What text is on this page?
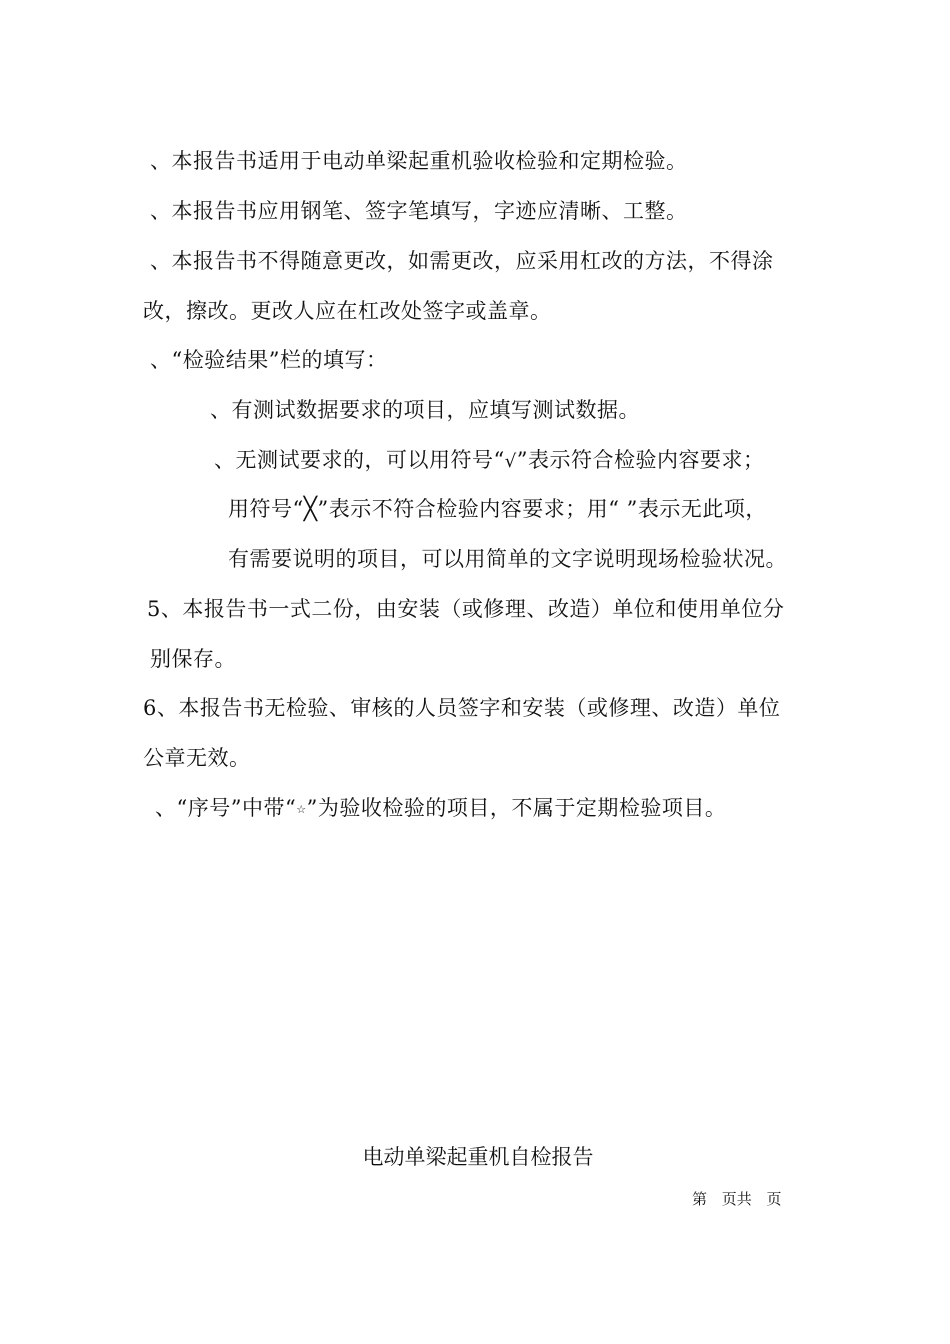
、本报告书适用于电动单梁起重机验收检验和定期检验。
、本报告书应用钢笔、签字笔填写，字迹应清晰、工整。
、本报告书不得随意更改，如需更改，应采用杠改的方法，不得涂
改，擦改。更改人应在杠改处签字或盖章。
、“检验结果”栏的填写：
、有测试数据要求的项目，应填写测试数据。
、无测试要求的，可以用符号“√”表示符合检验内容要求；
用符号“╳”表示不符合检验内容要求；用“ ”表示无此项，
有需要说明的项目，可以用简单的文字说明现场检验状况。
5、本报告书一式二份，由安装（或修理、改造）单位和使用单位分
别保存。
6、本报告书无检验、审核的人员签字和安装（或修理、改造）单位
公章无效。
、“序号”中带“☆”为验收检验的项目，不属于定期检验项目。
电动单梁起重机自检报告
第 页共 页
